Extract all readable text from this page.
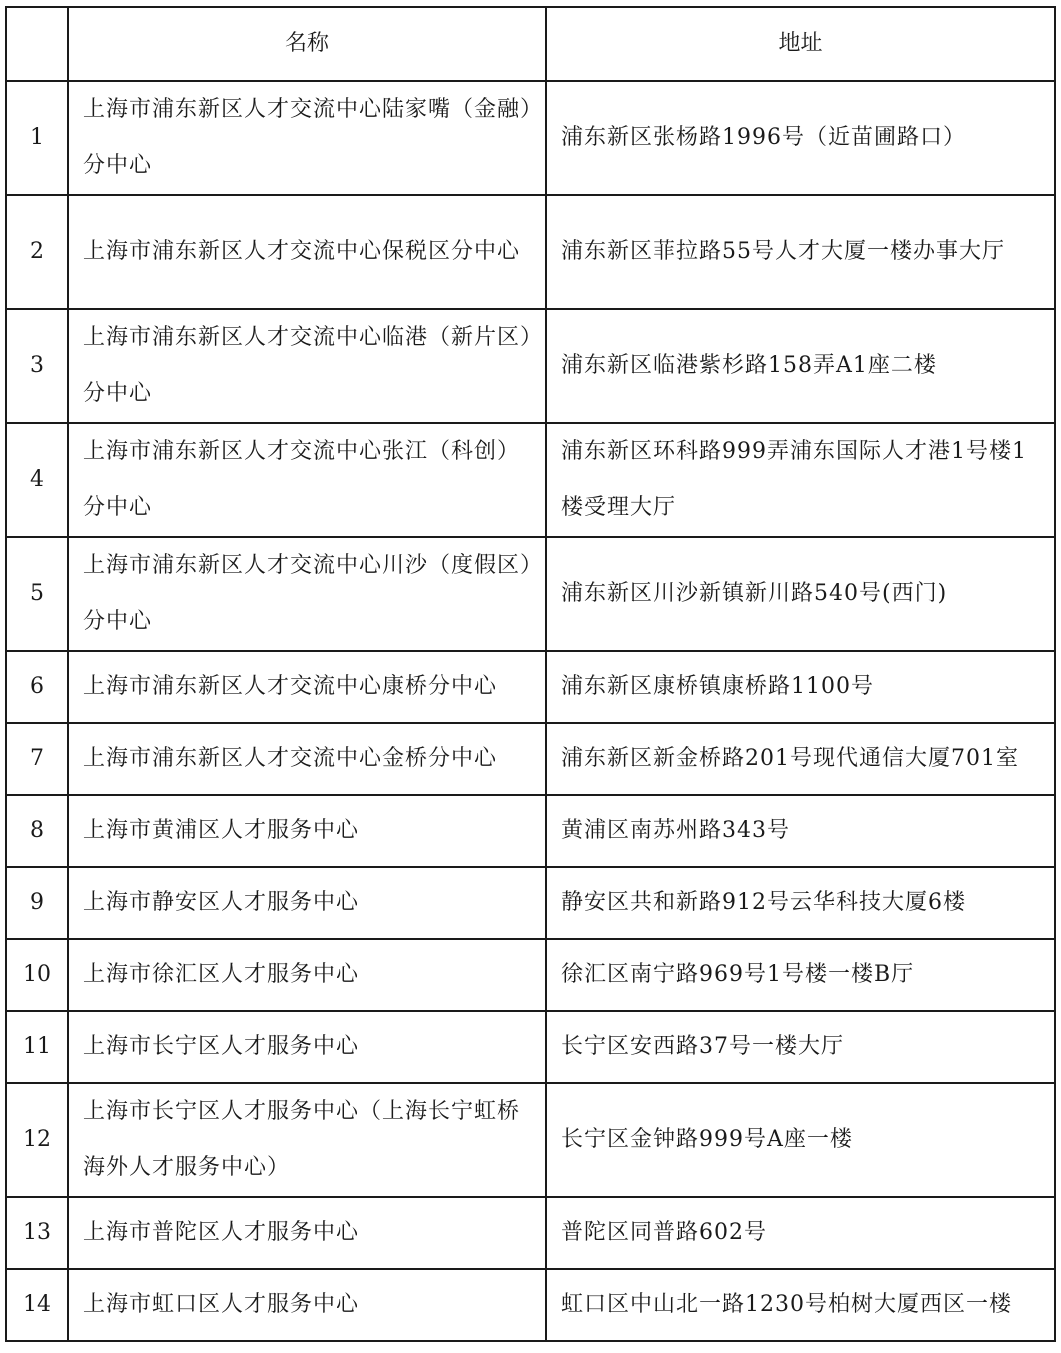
	名称	地址
1	上海市浦东新区人才交流中心陆家嘴（金融）分中心	浦东新区张杨路1996号（近苗圃路口）
2	上海市浦东新区人才交流中心保税区分中心	浦东新区菲拉路55号人才大厦一楼办事大厅
3	上海市浦东新区人才交流中心临港（新片区）分中心	浦东新区临港紫杉路158弄A1座二楼
4	上海市浦东新区人才交流中心张江（科创）分中心	浦东新区环科路999弄浦东国际人才港1号楼1楼受理大厅
5	上海市浦东新区人才交流中心川沙（度假区）分中心	浦东新区川沙新镇新川路540号(西门)
6	上海市浦东新区人才交流中心康桥分中心	浦东新区康桥镇康桥路1100号
7	上海市浦东新区人才交流中心金桥分中心	浦东新区新金桥路201号现代通信大厦701室
8	上海市黄浦区人才服务中心	黄浦区南苏州路343号
9	上海市静安区人才服务中心	静安区共和新路912号云华科技大厦6楼
10	上海市徐汇区人才服务中心	徐汇区南宁路969号1号楼一楼B厅
11	上海市长宁区人才服务中心	长宁区安西路37号一楼大厅
12	上海市长宁区人才服务中心（上海长宁虹桥海外人才服务中心）	长宁区金钟路999号A座一楼
13	上海市普陀区人才服务中心	普陀区同普路602号
14	上海市虹口区人才服务中心	虹口区中山北一路1230号柏树大厦西区一楼
